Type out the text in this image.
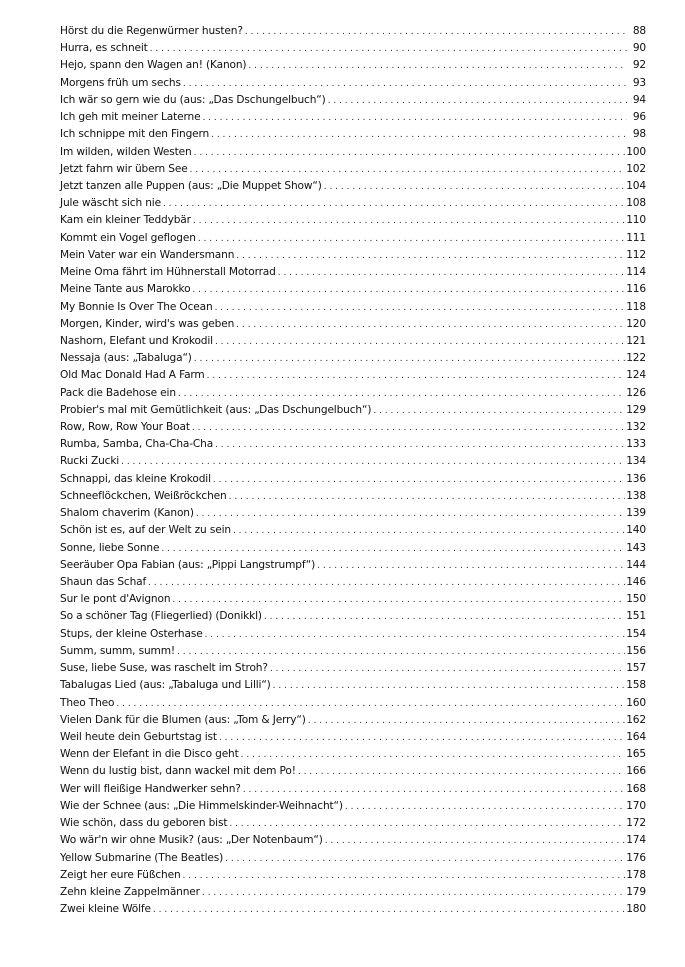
Hörst du die Regenwürmer husten? . . .	88
Hurra, es schneit . . .	90
Hejo, spann den Wagen an! (Kanon) . . .	92
Morgens früh um sechs . . .	93
Ich wär so gern wie du (aus: „Das Dschungelbuch“) . . .	94
Ich geh mit meiner Laterne . . .	96
Ich schnippe mit den Fingern . . .	98
Im wilden, wilden Westen . . .	100
Jetzt fahrn wir übern See . . .	102
Jetzt tanzen alle Puppen (aus: „Die Muppet Show“) . . .	104
Jule wäscht sich nie . . .	108
Kam ein kleiner Teddybär . . .	110
Kommt ein Vogel geflogen . . .	111
Mein Vater war ein Wandersmann . . .	112
Meine Oma fährt im Hühnerstall Motorrad . . .	114
Meine Tante aus Marokko . . .	116
My Bonnie Is Over The Ocean . . .	118
Morgen, Kinder, wird's was geben . . .	120
Nashorn, Elefant und Krokodil . . .	121
Nessaja (aus: „Tabaluga“) . . .	122
Old Mac Donald Had A Farm . . .	124
Pack die Badehose ein . . .	126
Probier's mal mit Gemütlichkeit (aus: „Das Dschungelbuch“) . . .	129
Row, Row, Row Your Boat . . .	132
Rumba, Samba, Cha-Cha-Cha . . .	133
Rucki Zucki . . .	134
Schnappi, das kleine Krokodil . . .	136
Schneeflöckchen, Weißröckchen . . .	138
Shalom chaverim (Kanon) . . .	139
Schön ist es, auf der Welt zu sein . . .	140
Sonne, liebe Sonne . . .	143
Seeräuber Opa Fabian (aus: „Pippi Langstrumpf“) . . .	144
Shaun das Schaf . . .	146
Sur le pont d'Avignon . . .	150
So a schöner Tag (Fliegerlied) (Donikkl) . . .	151
Stups, der kleine Osterhase . . .	154
Summ, summ, summ! . . .	156
Suse, liebe Suse, was raschelt im Stroh? . . .	157
Tabalugas Lied (aus: „Tabaluga und Lilli“) . . .	158
Theo Theo . . .	160
Vielen Dank für die Blumen (aus: „Tom & Jerry“) . . .	162
Weil heute dein Geburtstag ist . . .	164
Wenn der Elefant in die Disco geht . . .	165
Wenn du lustig bist, dann wackel mit dem Po! . . .	166
Wer will fleißige Handwerker sehn? . . .	168
Wie der Schnee (aus: „Die Himmelskinder-Weihnacht“) . . .	170
Wie schön, dass du geboren bist . . .	172
Wo wär'n wir ohne Musik? (aus: „Der Notenbaum“) . . .	174
Yellow Submarine (The Beatles) . . .	176
Zeigt her eure Füßchen . . .	178
Zehn kleine Zappelmänner . . .	179
Zwei kleine Wölfe . . .	180
